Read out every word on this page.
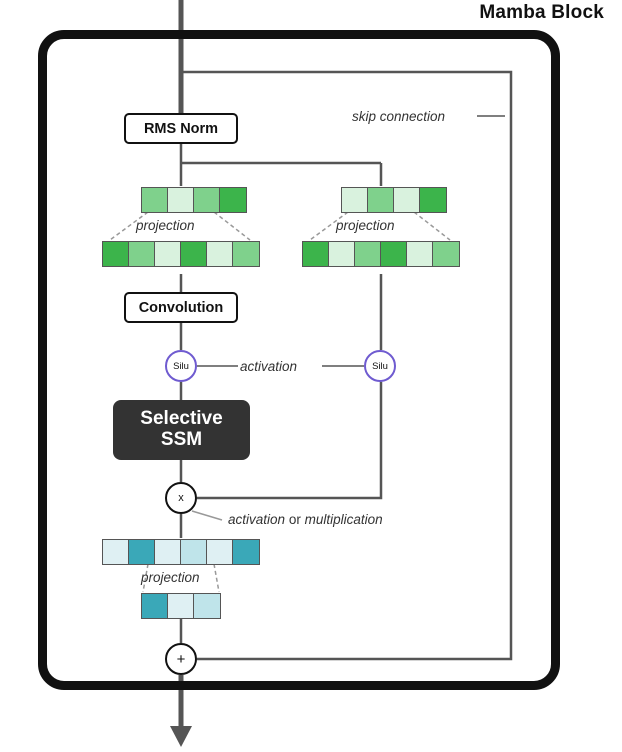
Mamba Block
RMS Norm
Convolution
Selective
SSM
Silu	Silu
x
+
skip connection
projection	projection
activation
projection
activation or multiplication
